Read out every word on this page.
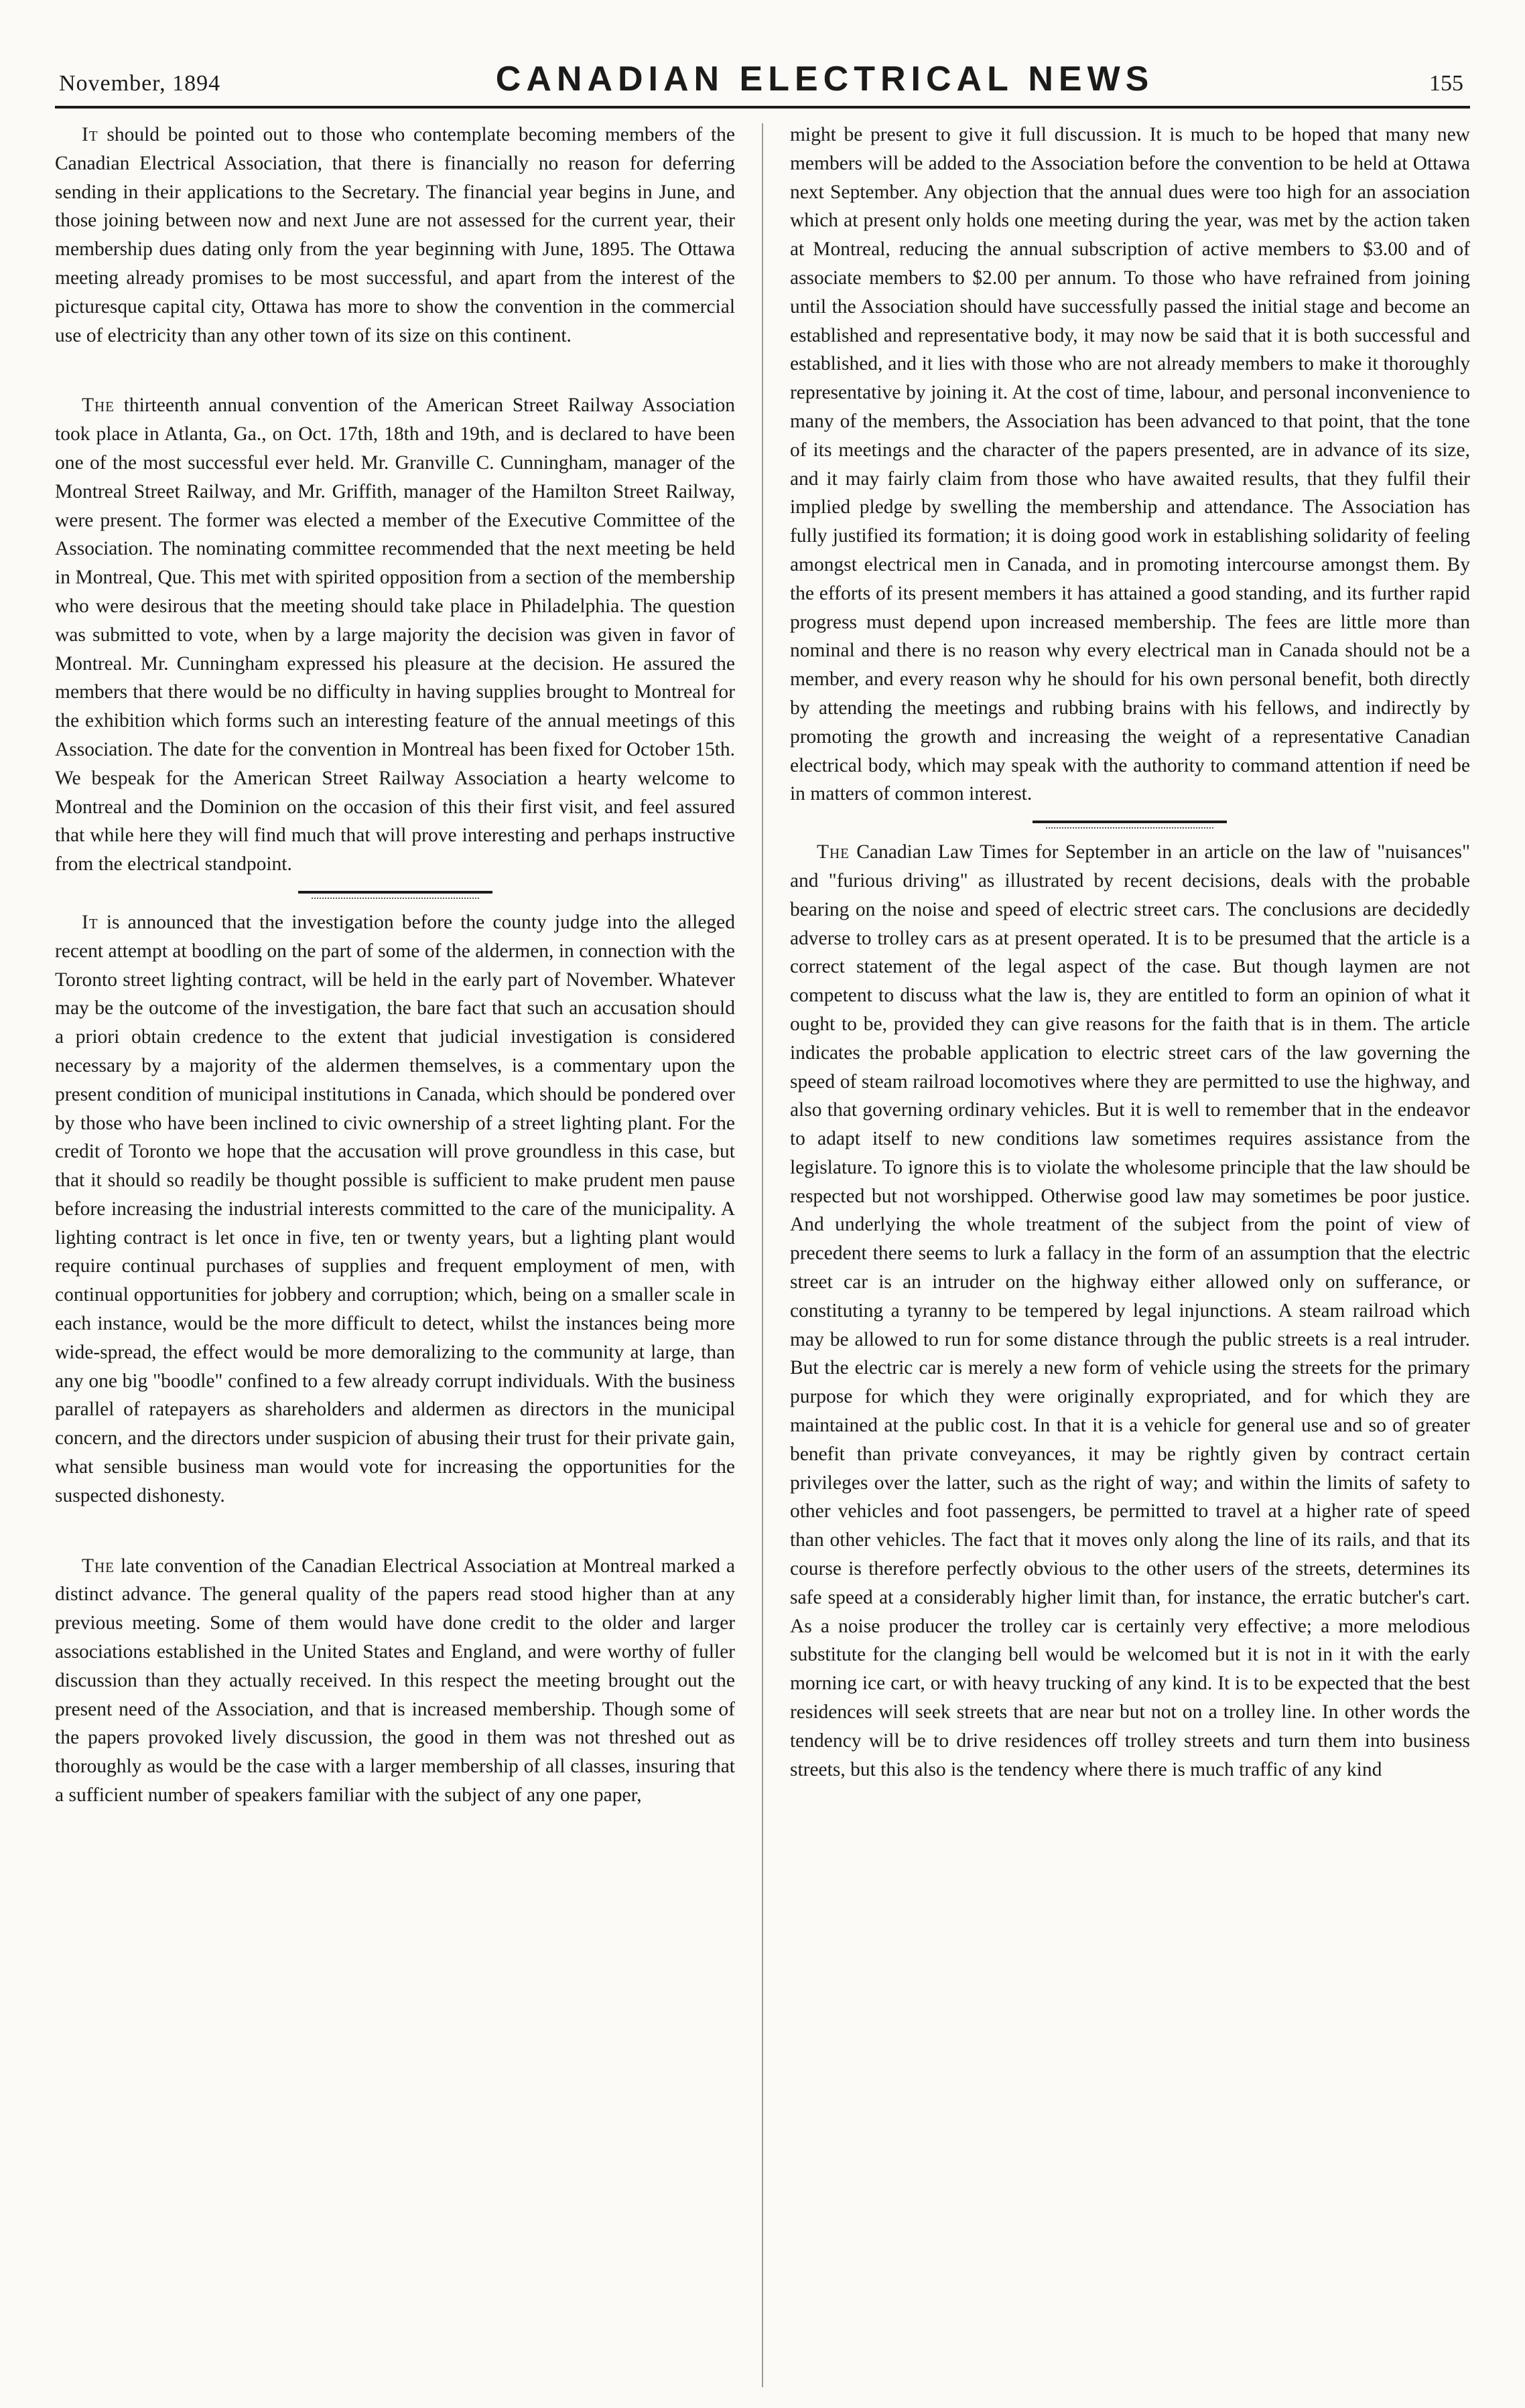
November, 1894	CANADIAN ELECTRICAL NEWS	155

It should be pointed out to those who contemplate becoming members of the Canadian Electrical Association, that there is financially no reason for deferring sending in their applications to the Secretary. The financial year begins in June, and those joining between now and next June are not assessed for the current year, their membership dues dating only from the year beginning with June, 1895. The Ottawa meeting already promises to be most successful, and apart from the interest of the picturesque capital city, Ottawa has more to show the convention in the commercial use of electricity than any other town of its size on this continent.

The thirteenth annual convention of the American Street Railway Association took place in Atlanta, Ga., on Oct. 17th, 18th and 19th, and is declared to have been one of the most successful ever held. Mr. Granville C. Cunningham, manager of the Montreal Street Railway, and Mr. Griffith, manager of the Hamilton Street Railway, were present. The former was elected a member of the Executive Committee of the Association. The nominating committee recommended that the next meeting be held in Montreal, Que. This met with spirited opposition from a section of the membership who were desirous that the meeting should take place in Philadelphia. The question was submitted to vote, when by a large majority the decision was given in favor of Montreal. Mr. Cunningham expressed his pleasure at the decision. He assured the members that there would be no difficulty in having supplies brought to Montreal for the exhibition which forms such an interesting feature of the annual meetings of this Association. The date for the convention in Montreal has been fixed for October 15th. We bespeak for the American Street Railway Association a hearty welcome to Montreal and the Dominion on the occasion of this their first visit, and feel assured that while here they will find much that will prove interesting and perhaps instructive from the electrical standpoint.

It is announced that the investigation before the county judge into the alleged recent attempt at boodling on the part of some of the aldermen, in connection with the Toronto street lighting contract, will be held in the early part of November. Whatever may be the outcome of the investigation, the bare fact that such an accusation should a priori obtain credence to the extent that judicial investigation is considered necessary by a majority of the aldermen themselves, is a commentary upon the present condition of municipal institutions in Canada, which should be pondered over by those who have been inclined to civic ownership of a street lighting plant. For the credit of Toronto we hope that the accusation will prove groundless in this case, but that it should so readily be thought possible is sufficient to make prudent men pause before increasing the industrial interests committed to the care of the municipality. A lighting contract is let once in five, ten or twenty years, but a lighting plant would require continual purchases of supplies and frequent employment of men, with continual opportunities for jobbery and corruption; which, being on a smaller scale in each instance, would be the more difficult to detect, whilst the instances being more wide-spread, the effect would be more demoralizing to the community at large, than any one big "boodle" confined to a few already corrupt individuals. With the business parallel of ratepayers as shareholders and aldermen as directors in the municipal concern, and the directors under suspicion of abusing their trust for their private gain, what sensible business man would vote for increasing the opportunities for the suspected dishonesty.

The late convention of the Canadian Electrical Association at Montreal marked a distinct advance. The general quality of the papers read stood higher than at any previous meeting. Some of them would have done credit to the older and larger associations established in the United States and England, and were worthy of fuller discussion than they actually received. In this respect the meeting brought out the present need of the Association, and that is increased membership. Though some of the papers provoked lively discussion, the good in them was not threshed out as thoroughly as would be the case with a larger membership of all classes, insuring that a sufficient number of speakers familiar with the subject of any one paper,

might be present to give it full discussion. It is much to be hoped that many new members will be added to the Association before the convention to be held at Ottawa next September. Any objection that the annual dues were too high for an association which at present only holds one meeting during the year, was met by the action taken at Montreal, reducing the annual subscription of active members to $3.00 and of associate members to $2.00 per annum. To those who have refrained from joining until the Association should have successfully passed the initial stage and become an established and representative body, it may now be said that it is both successful and established, and it lies with those who are not already members to make it thoroughly representative by joining it. At the cost of time, labour, and personal inconvenience to many of the members, the Association has been advanced to that point, that the tone of its meetings and the character of the papers presented, are in advance of its size, and it may fairly claim from those who have awaited results, that they fulfil their implied pledge by swelling the membership and attendance. The Association has fully justified its formation; it is doing good work in establishing solidarity of feeling amongst electrical men in Canada, and in promoting intercourse amongst them. By the efforts of its present members it has attained a good standing, and its further rapid progress must depend upon increased membership. The fees are little more than nominal and there is no reason why every electrical man in Canada should not be a member, and every reason why he should for his own personal benefit, both directly by attending the meetings and rubbing brains with his fellows, and indirectly by promoting the growth and increasing the weight of a representative Canadian electrical body, which may speak with the authority to command attention if need be in matters of common interest.

The Canadian Law Times for September in an article on the law of "nuisances" and "furious driving" as illustrated by recent decisions, deals with the probable bearing on the noise and speed of electric street cars. The conclusions are decidedly adverse to trolley cars as at present operated. It is to be presumed that the article is a correct statement of the legal aspect of the case. But though laymen are not competent to discuss what the law is, they are entitled to form an opinion of what it ought to be, provided they can give reasons for the faith that is in them. The article indicates the probable application to electric street cars of the law governing the speed of steam railroad locomotives where they are permitted to use the highway, and also that governing ordinary vehicles. But it is well to remember that in the endeavor to adapt itself to new conditions law sometimes requires assistance from the legislature. To ignore this is to violate the wholesome principle that the law should be respected but not worshipped. Otherwise good law may sometimes be poor justice. And underlying the whole treatment of the subject from the point of view of precedent there seems to lurk a fallacy in the form of an assumption that the electric street car is an intruder on the highway either allowed only on sufferance, or constituting a tyranny to be tempered by legal injunctions. A steam railroad which may be allowed to run for some distance through the public streets is a real intruder. But the electric car is merely a new form of vehicle using the streets for the primary purpose for which they were originally expropriated, and for which they are maintained at the public cost. In that it is a vehicle for general use and so of greater benefit than private conveyances, it may be rightly given by contract certain privileges over the latter, such as the right of way; and within the limits of safety to other vehicles and foot passengers, be permitted to travel at a higher rate of speed than other vehicles. The fact that it moves only along the line of its rails, and that its course is therefore perfectly obvious to the other users of the streets, determines its safe speed at a considerably higher limit than, for instance, the erratic butcher's cart. As a noise producer the trolley car is certainly very effective; a more melodious substitute for the clanging bell would be welcomed but it is not in it with the early morning ice cart, or with heavy trucking of any kind. It is to be expected that the best residences will seek streets that are near but not on a trolley line. In other words the tendency will be to drive residences off trolley streets and turn them into business streets, but this also is the tendency where there is much traffic of any kind
